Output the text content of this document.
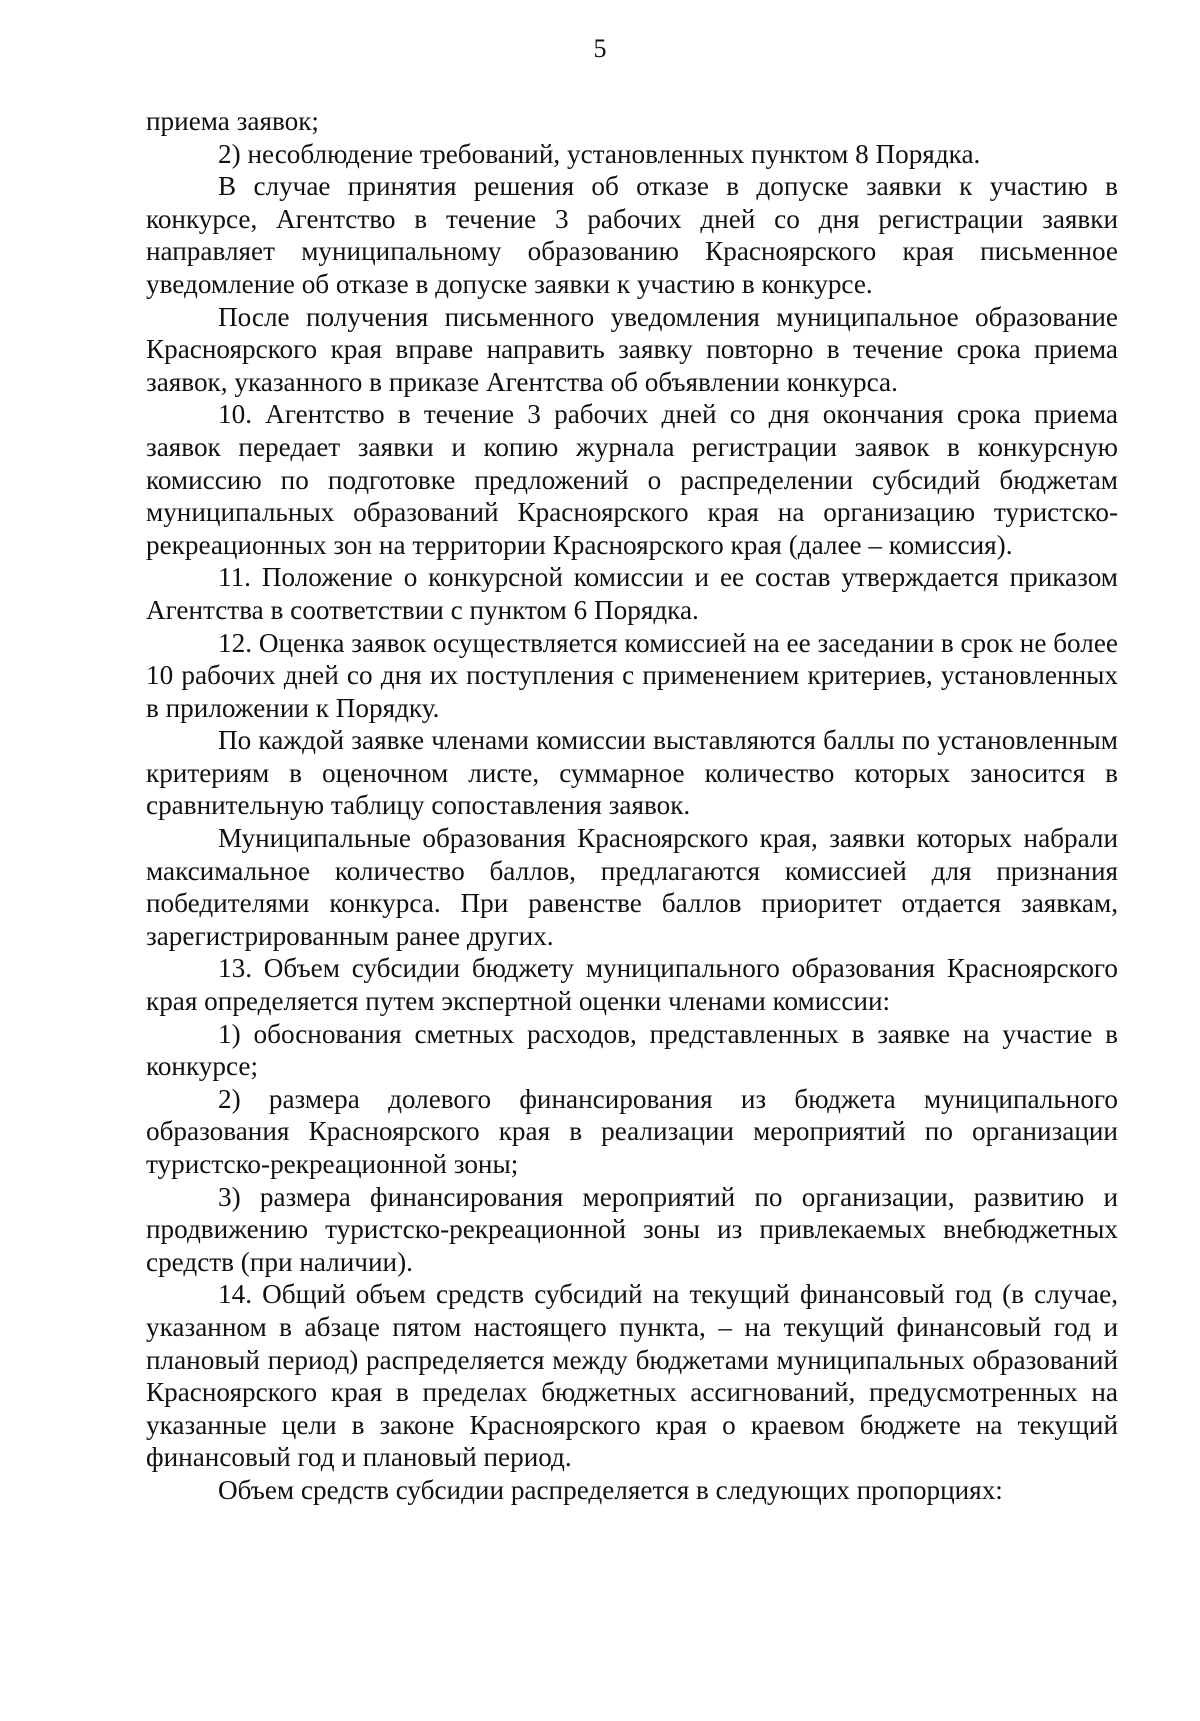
5

приема заявок;

2) несоблюдение требований, установленных пунктом 8 Порядка.

В случае принятия решения об отказе в допуске заявки к участию в конкурсе, Агентство в течение 3 рабочих дней со дня регистрации заявки направляет муниципальному образованию Красноярского края письменное уведомление об отказе в допуске заявки к участию в конкурсе.

После получения письменного уведомления муниципальное образование Красноярского края вправе направить заявку повторно в течение срока приема заявок, указанного в приказе Агентства об объявлении конкурса.

10. Агентство в течение 3 рабочих дней со дня окончания срока приема заявок передает заявки и копию журнала регистрации заявок в конкурсную комиссию по подготовке предложений о распределении субсидий бюджетам муниципальных образований Красноярского края на организацию туристско-рекреационных зон на территории Красноярского края (далее – комиссия).

11. Положение о конкурсной комиссии и ее состав утверждается приказом Агентства в соответствии с пунктом 6 Порядка.

12. Оценка заявок осуществляется комиссией на ее заседании в срок не более 10 рабочих дней со дня их поступления с применением критериев, установленных в приложении к Порядку.

По каждой заявке членами комиссии выставляются баллы по установленным критериям в оценочном листе, суммарное количество которых заносится в сравнительную таблицу сопоставления заявок.

Муниципальные образования Красноярского края, заявки которых набрали максимальное количество баллов, предлагаются комиссией для признания победителями конкурса. При равенстве баллов приоритет отдается заявкам, зарегистрированным ранее других.

13. Объем субсидии бюджету муниципального образования Красноярского края определяется путем экспертной оценки членами комиссии:

1) обоснования сметных расходов, представленных в заявке на участие в конкурсе;

2) размера долевого финансирования из бюджета муниципального образования Красноярского края в реализации мероприятий по организации туристско-рекреационной зоны;

3) размера финансирования мероприятий по организации, развитию и продвижению туристско-рекреационной зоны из привлекаемых внебюджетных средств (при наличии).

14. Общий объем средств субсидий на текущий финансовый год (в случае, указанном в абзаце пятом настоящего пункта, – на текущий финансовый год и плановый период) распределяется между бюджетами муниципальных образований Красноярского края в пределах бюджетных ассигнований, предусмотренных на указанные цели в законе Красноярского края о краевом бюджете на текущий финансовый год и плановый период.

Объем средств субсидии распределяется в следующих пропорциях:
